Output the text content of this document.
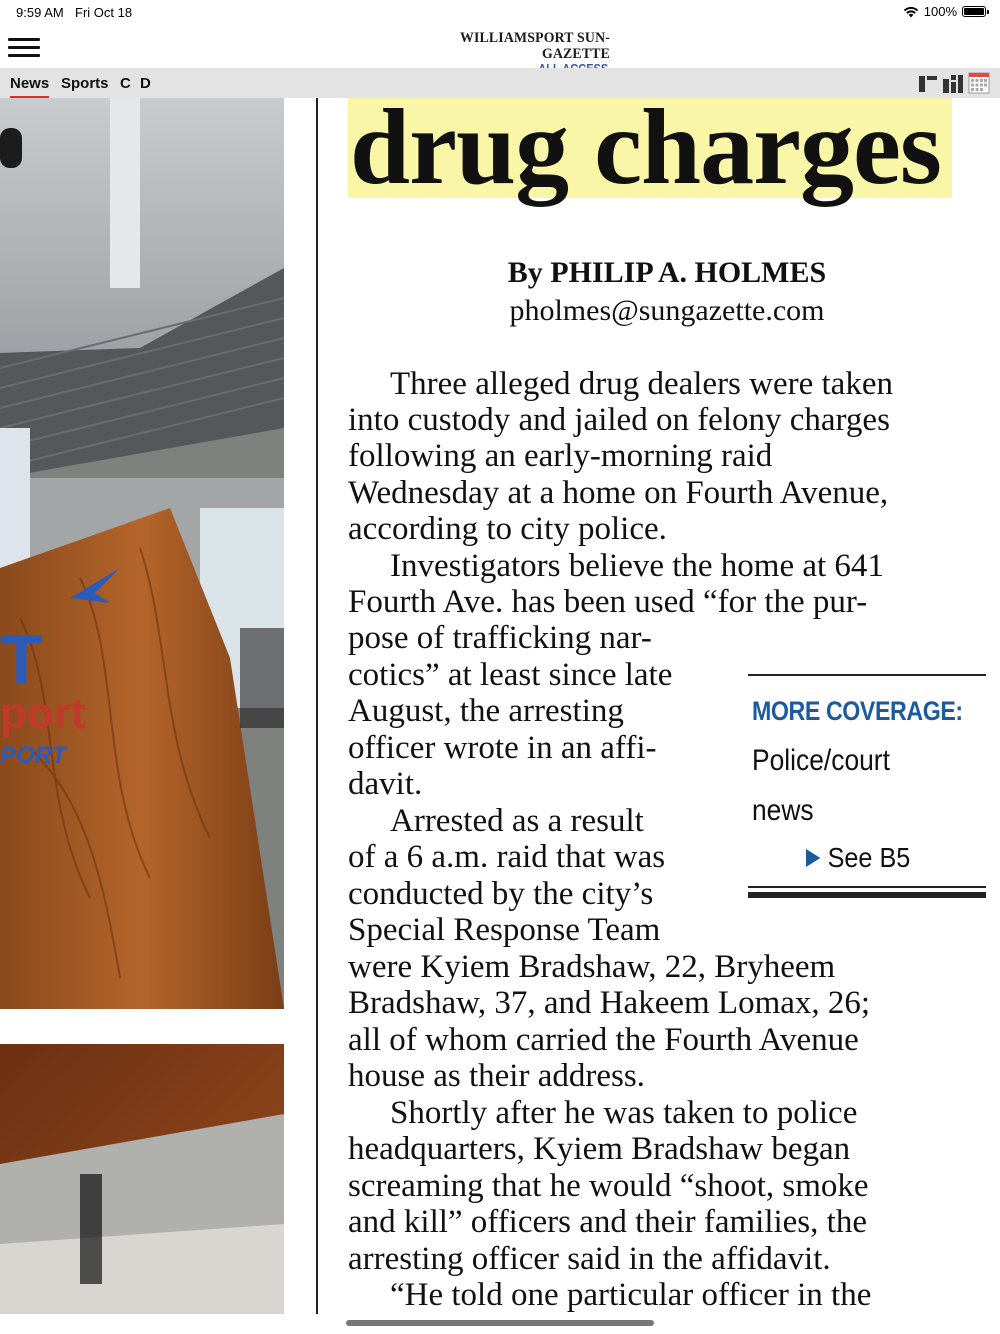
9:59 AM Fri Oct 18	100%
WILLIAMSPORT SUN-GAZETTE
News Sports C D
T
port
PORT
drug charges
By PHILIP A. HOLMES
pholmes@sungazette.com
Three alleged drug dealers were taken
into custody and jailed on felony charges
following an early-morning raid
Wednesday at a home on Fourth Avenue,
according to city police.
Investigators believe the home at 641
Fourth Ave. has been used “for the pur-
pose of trafficking nar-
cotics” at least since late
August, the arresting
officer wrote in an affi-
davit.
Arrested as a result
of a 6 a.m. raid that was
conducted by the city’s
Special Response Team
were Kyiem Bradshaw, 22, Bryheem
Bradshaw, 37, and Hakeem Lomax, 26;
all of whom carried the Fourth Avenue
house as their address.
Shortly after he was taken to police
headquarters, Kyiem Bradshaw began
screaming that he would “shoot, smoke
and kill” officers and their families, the
arresting officer said in the affidavit.
“He told one particular officer in the
MORE COVERAGE:
Police/court
news
See B5
